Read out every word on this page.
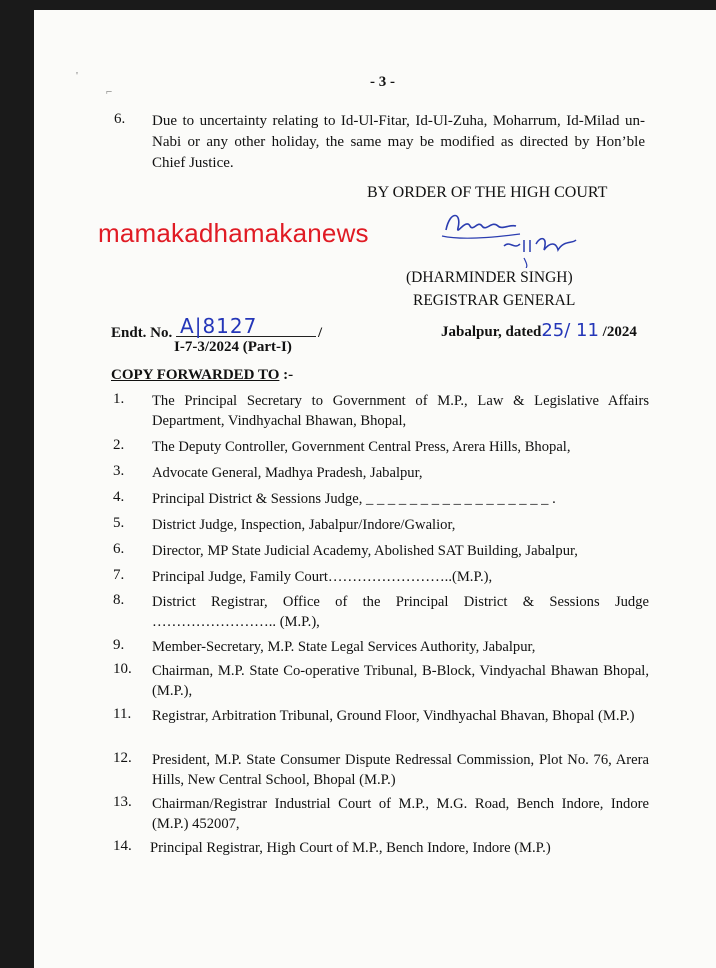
'
⌐
- 3 -
6. Due to uncertainty relating to Id-Ul-Fitar, Id-Ul-Zuha, Moharrum, Id-Milad un-Nabi or any other holiday, the same may be modified as directed by Hon’ble Chief Justice.
BY ORDER OF THE HIGH COURT
mamakadhamakanews
(DHARMINDER SINGH)
REGISTRAR GENERAL
Endt. No. A|8127	/
I-7-3/2024 (Part-I)
Jabalpur, dated25/ 11 /2024
COPY FORWARDED TO :-
1. The Principal Secretary to Government of M.P., Law & Legislative Affairs Department, Vindhyachal Bhawan, Bhopal,
2. The Deputy Controller, Government Central Press, Arera Hills, Bhopal,
3. Advocate General, Madhya Pradesh, Jabalpur,
4. Principal District & Sessions Judge, _ _ _ _ _ _ _ _ _ _ _ _ _ _ _ _ _ .
5. District Judge, Inspection, Jabalpur/Indore/Gwalior,
6. Director, MP State Judicial Academy, Abolished SAT Building, Jabalpur,
7. Principal Judge, Family Court……………………..(M.P.),
8. District Registrar, Office of the Principal District & Sessions Judge …………………….. (M.P.),
9. Member-Secretary, M.P. State Legal Services Authority, Jabalpur,
10. Chairman, M.P. State Co-operative Tribunal, B-Block, Vindyachal Bhawan Bhopal, (M.P.),
11. Registrar, Arbitration Tribunal, Ground Floor, Vindhyachal Bhavan, Bhopal (M.P.)
12. President, M.P. State Consumer Dispute Redressal Commission, Plot No. 76, Arera Hills, New Central School, Bhopal (M.P.)
13. Chairman/Registrar Industrial Court of M.P., M.G. Road, Bench Indore, Indore (M.P.) 452007,
14. Principal Registrar, High Court of M.P., Bench Indore, Indore (M.P.)
